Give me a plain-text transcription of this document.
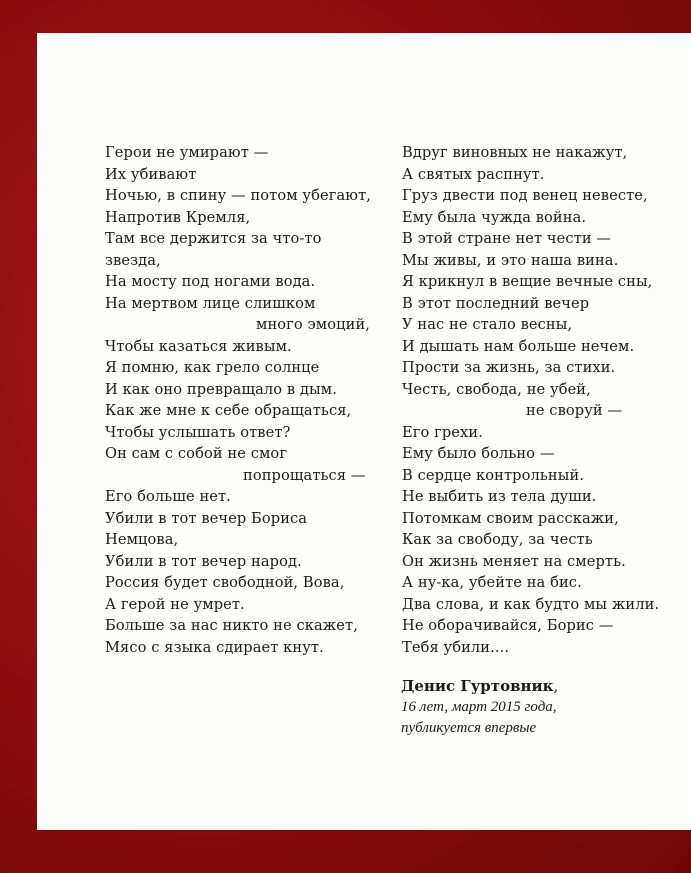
Герои не умирают —
Их убивают
Ночью, в спину — потом убегают,
Напротив Кремля,
Там все держится за что-то
звезда,
На мосту под ногами вода.
На мертвом лице слишком
много эмоций,
Чтобы казаться живым.
Я помню, как грело солнце
И как оно превращало в дым.
Как же мне к себе обращаться,
Чтобы услышать ответ?
Он сам с собой не смог
попрощаться —
Его больше нет.
Убили в тот вечер Бориса
Немцова,
Убили в тот вечер народ.
Россия будет свободной, Вова,
А герой не умрет.
Больше за нас никто не скажет,
Мясо с языка сдирает кнут.
Вдруг виновных не накажут,
А святых распнут.
Груз двести под венец невесте,
Ему была чужда война.
В этой стране нет чести —
Мы живы, и это наша вина.
Я крикнул в вещие вечные сны,
В этот последний вечер
У нас не стало весны,
И дышать нам больше нечем.
Прости за жизнь, за стихи.
Честь, свобода, не убей,
не своруй —
Его грехи.
Ему было больно —
В сердце контрольный.
Не выбить из тела души.
Потомкам своим расскажи,
Как за свободу, за честь
Он жизнь меняет на смерть.
А ну-ка, убейте на бис.
Два слова, и как будто мы жили.
Не оборачивайся, Борис —
Тебя убили....
Денис Гуртовник,
16 лет, март 2015 года,
публикуется впервые
